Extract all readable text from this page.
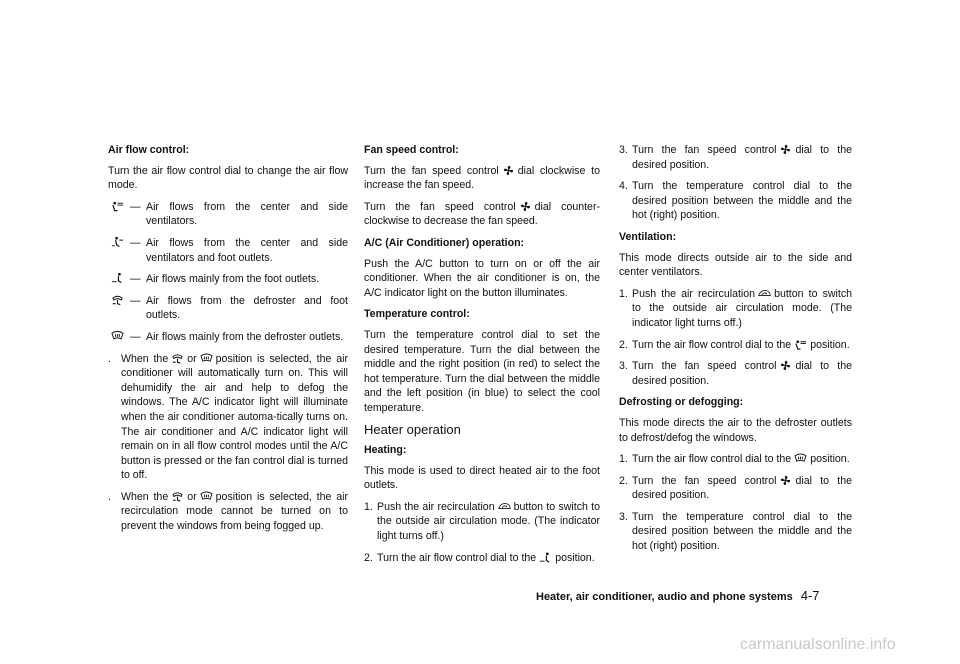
Air flow control:

Turn the air flow control dial to change the air flow mode.

— Air flows from the center and side ventilators.
— Air flows from the center and side ventilators and foot outlets.
— Air flows mainly from the foot outlets.
— Air flows from the defroster and foot outlets.
— Air flows mainly from the defroster outlets.
. When the or position is selected, the air conditioner will automatically turn on. This will dehumidify the air and help to defog the windows. The A/C indicator light will illuminate when the air conditioner automa-tically turns on. The air conditioner and A/C indicator light will remain on in all flow control modes until the A/C button is pressed or the fan control dial is turned to off.
. When the or position is selected, the air recirculation mode cannot be turned on to prevent the windows from being fogged up.
Fan speed control:

Turn the fan speed control dial clockwise to increase the fan speed.

Turn the fan speed control dial counter-clockwise to decrease the fan speed.

A/C (Air Conditioner) operation:

Push the A/C button to turn on or off the air conditioner. When the air conditioner is on, the A/C indicator light on the button illuminates.

Temperature control:

Turn the temperature control dial to set the desired temperature. Turn the dial between the middle and the right position (in red) to select the hot temperature. Turn the dial between the middle and the left position (in blue) to select the cool temperature.

Heater operation
Heating:

This mode is used to direct heated air to the foot outlets.

1. Push the air recirculation button to switch to the outside air circulation mode. (The indicator light turns off.)
2. Turn the air flow control dial to the position.
3. Turn the fan speed control dial to the desired position.
4. Turn the temperature control dial to the desired position between the middle and the hot (right) position.
Ventilation:

This mode directs outside air to the side and center ventilators.

1. Push the air recirculation button to switch to the outside air circulation mode. (The indicator light turns off.)
2. Turn the air flow control dial to the position.
3. Turn the fan speed control dial to the desired position.
Defrosting or defogging:

This mode directs the air to the defroster outlets to defrost/defog the windows.

1. Turn the air flow control dial to the position.
2. Turn the fan speed control dial to the desired position.
3. Turn the temperature control dial to the desired position between the middle and the hot (right) position.
Heater, air conditioner, audio and phone systems 4-7
carmanualsonline.info
